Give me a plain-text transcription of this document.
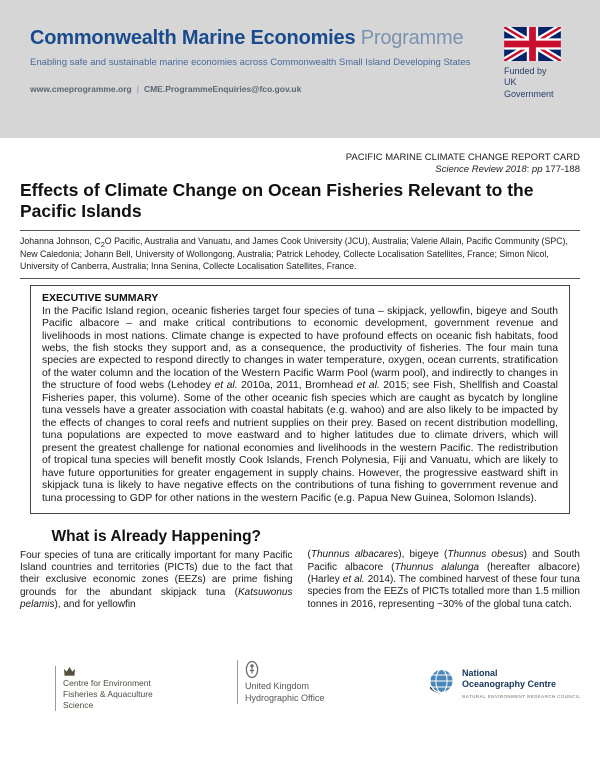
Commonwealth Marine Economies Programme
Enabling safe and sustainable marine economies across Commonwealth Small Island Developing States
www.cmeprogramme.org | CME.ProgrammeEnquiries@fco.gov.uk
Funded by
UK Government
PACIFIC MARINE CLIMATE CHANGE REPORT CARD
Science Review 2018: pp 177-188
Effects of Climate Change on Ocean Fisheries Relevant to the Pacific Islands

Johanna Johnson, $C_2O$ Pacific, Australia and Vanuatu, and James Cook University (JCU), Australia; Valerie Allain, Pacific Community (SPC), New Caledonia; Johann Bell, University of Wollongong, Australia; Patrick Lehodey, Collecte Localisation Satellites, France; Simon Nicol, University of Canberra, Australia; Inna Senina, Collecte Localisation Satellites, France.

EXECUTIVE SUMMARY
In the Pacific Island region, oceanic fisheries target four species of tuna – skipjack, yellowfin, bigeye and South Pacific albacore – and make critical contributions to economic development, government revenue and livelihoods in most nations. Climate change is expected to have profound effects on oceanic fish habitats, food webs, the fish stocks they support and, as a consequence, the productivity of fisheries. The four main tuna species are expected to respond directly to changes in water temperature, oxygen, ocean currents, stratification of the water column and the location of the Western Pacific Warm Pool (warm pool), and indirectly to changes in the structure of food webs (Lehodey et al. 2010a, 2011, Bromhead et al. 2015; see Fish, Shellfish and Coastal Fisheries paper, this volume). Some of the other oceanic fish species which are caught as bycatch by longline tuna vessels have a greater association with coastal habitats (e.g. wahoo) and are also likely to be impacted by the effects of changes to coral reefs and nutrient supplies on their prey. Based on recent distribution modelling, tuna populations are expected to move eastward and to higher latitudes due to climate drivers, which will present the greatest challenge for national economies and livelihoods in the western Pacific. The redistribution of tropical tuna species will benefit mostly Cook Islands, French Polynesia, Fiji and Vanuatu, which are likely to have future opportunities for greater engagement in supply chains. However, the progressive eastward shift in skipjack tuna is likely to have negative effects on the contributions of tuna fishing to government revenue and tuna processing to GDP for other nations in the western Pacific (e.g. Papua New Guinea, Solomon Islands).
What is Already Happening?
Four species of tuna are critically important for many Pacific Island countries and territories (PICTs) due to the fact that their exclusive economic zones (EEZs) are prime fishing grounds for the abundant skipjack tuna (Katsuwonus pelamis), and for yellowfin
(Thunnus albacares), bigeye (Thunnus obesus) and South Pacific albacore (Thunnus alalunga (hereafter albacore) (Harley et al. 2014). The combined harvest of these four tuna species from the EEZs of PICTs totalled more than 1.5 million tonnes in 2016, representing ~30% of the global tuna catch.
Centre for Environment
Fisheries & Aquaculture
Science
United Kingdom
Hydrographic Office
National
Oceanography Centre
NATURAL ENVIRONMENT RESEARCH COUNCIL
